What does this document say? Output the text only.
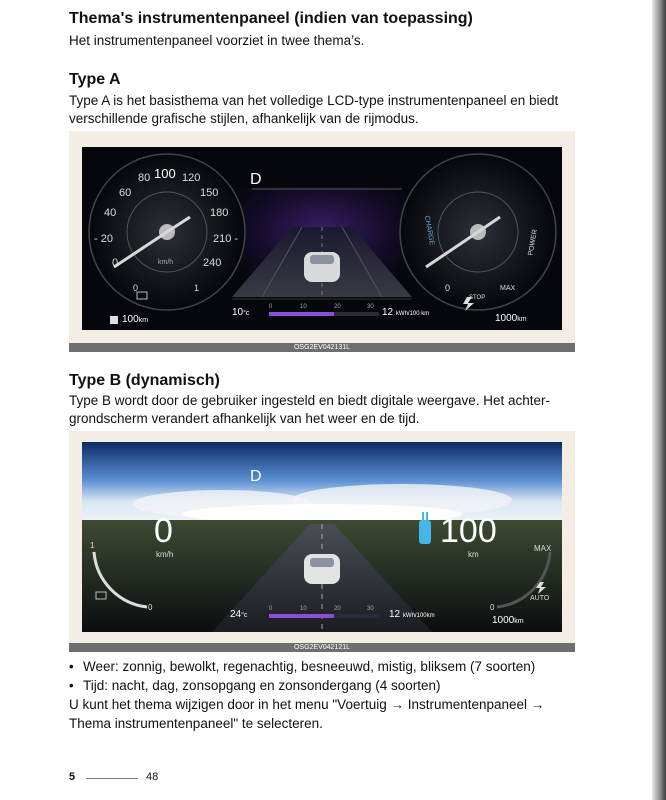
Thema's instrumentenpaneel (indien van toepassing)
Het instrumentenpaneel voorziet in twee thema’s.
Type A
Type A is het basisthema van het volledige LCD-type instrumentenpaneel en biedt
verschillende grafische stijlen, afhankelijk van de rijmodus.
D
- 20
40
60
80 100 120
150
180
210 -
240
0	km/h
0	1
100km
CHARGE	POWER
0
STOP
MAX
10°c
0	10	20	30 12 kWh/100 km	1000km
OSG2EV042131L
Type B (dynamisch)
Type B wordt door de gebruiker ingesteld en biedt digitale weergave. Het achter-
grondscherm verandert afhankelijk van het weer en de tijd.
D
0
km/h
100
km
MAX
AUTO
1
0	0
24°c
0	10	20	30 12 kWh/100km	1000km
OSG2EV042121L
• Weer: zonnig, bewolkt, regenachtig, besneeuwd, mistig, bliksem (7 soorten)
• Tijd: nacht, dag, zonsopgang en zonsondergang (4 soorten)
U kunt het thema wijzigen door in het menu "Voertuig → Instrumentenpaneel →
Thema instrumentenpaneel" te selecteren.
5	48
